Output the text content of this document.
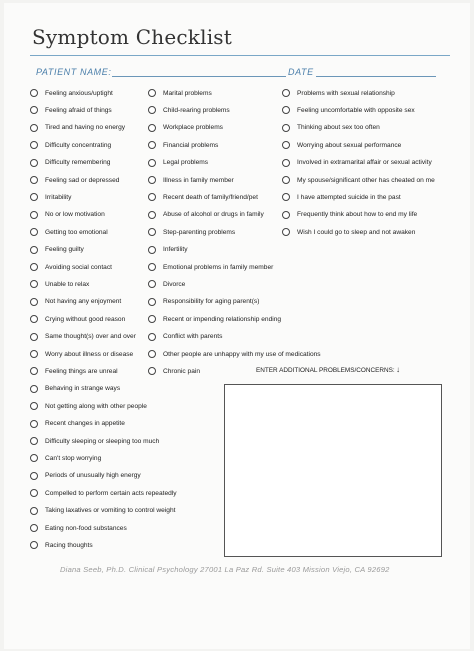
Symptom Checklist
PATIENT NAME:	DATE
Feeling anxious/uptight
Feeling afraid of things
Tired and having no energy
Difficulty concentrating
Difficulty remembering
Feeling sad or depressed
Irritability
No or low motivation
Getting too emotional
Feeling guilty
Avoiding social contact
Unable to relax
Not having any enjoyment
Crying without good reason
Same thought(s) over and over
Worry about illness or disease
Feeling things are unreal
Behaving in strange ways
Not getting along with other people
Recent changes in appetite
Difficulty sleeping or sleeping too much
Can't stop worrying
Periods of unusually high energy
Compelled to perform certain acts repeatedly
Taking laxatives or vomiting to control weight
Eating non-food substances
Racing thoughts
Marital problems
Child-rearing problems
Workplace problems
Financial problems
Legal problems
Illness in family member
Recent death of family/friend/pet
Abuse of alcohol or drugs in family
Step-parenting problems
Infertility
Emotional problems in family member
Divorce
Responsibility for aging parent(s)
Recent or impending relationship ending
Conflict with parents
Other people are unhappy with my use of medications
Chronic pain
Problems with sexual relationship
Feeling uncomfortable with opposite sex
Thinking about sex too often
Worrying about sexual performance
Involved in extramarital affair or sexual activity
My spouse/significant other has cheated on me
I have attempted suicide in the past
Frequently think about how to end my life
Wish I could go to sleep and not awaken
ENTER ADDITIONAL PROBLEMS/CONCERNS: ↓
Diana Seeb, Ph.D. Clinical Psychology 27001 La Paz Rd. Suite 403 Mission Viejo, CA 92692
